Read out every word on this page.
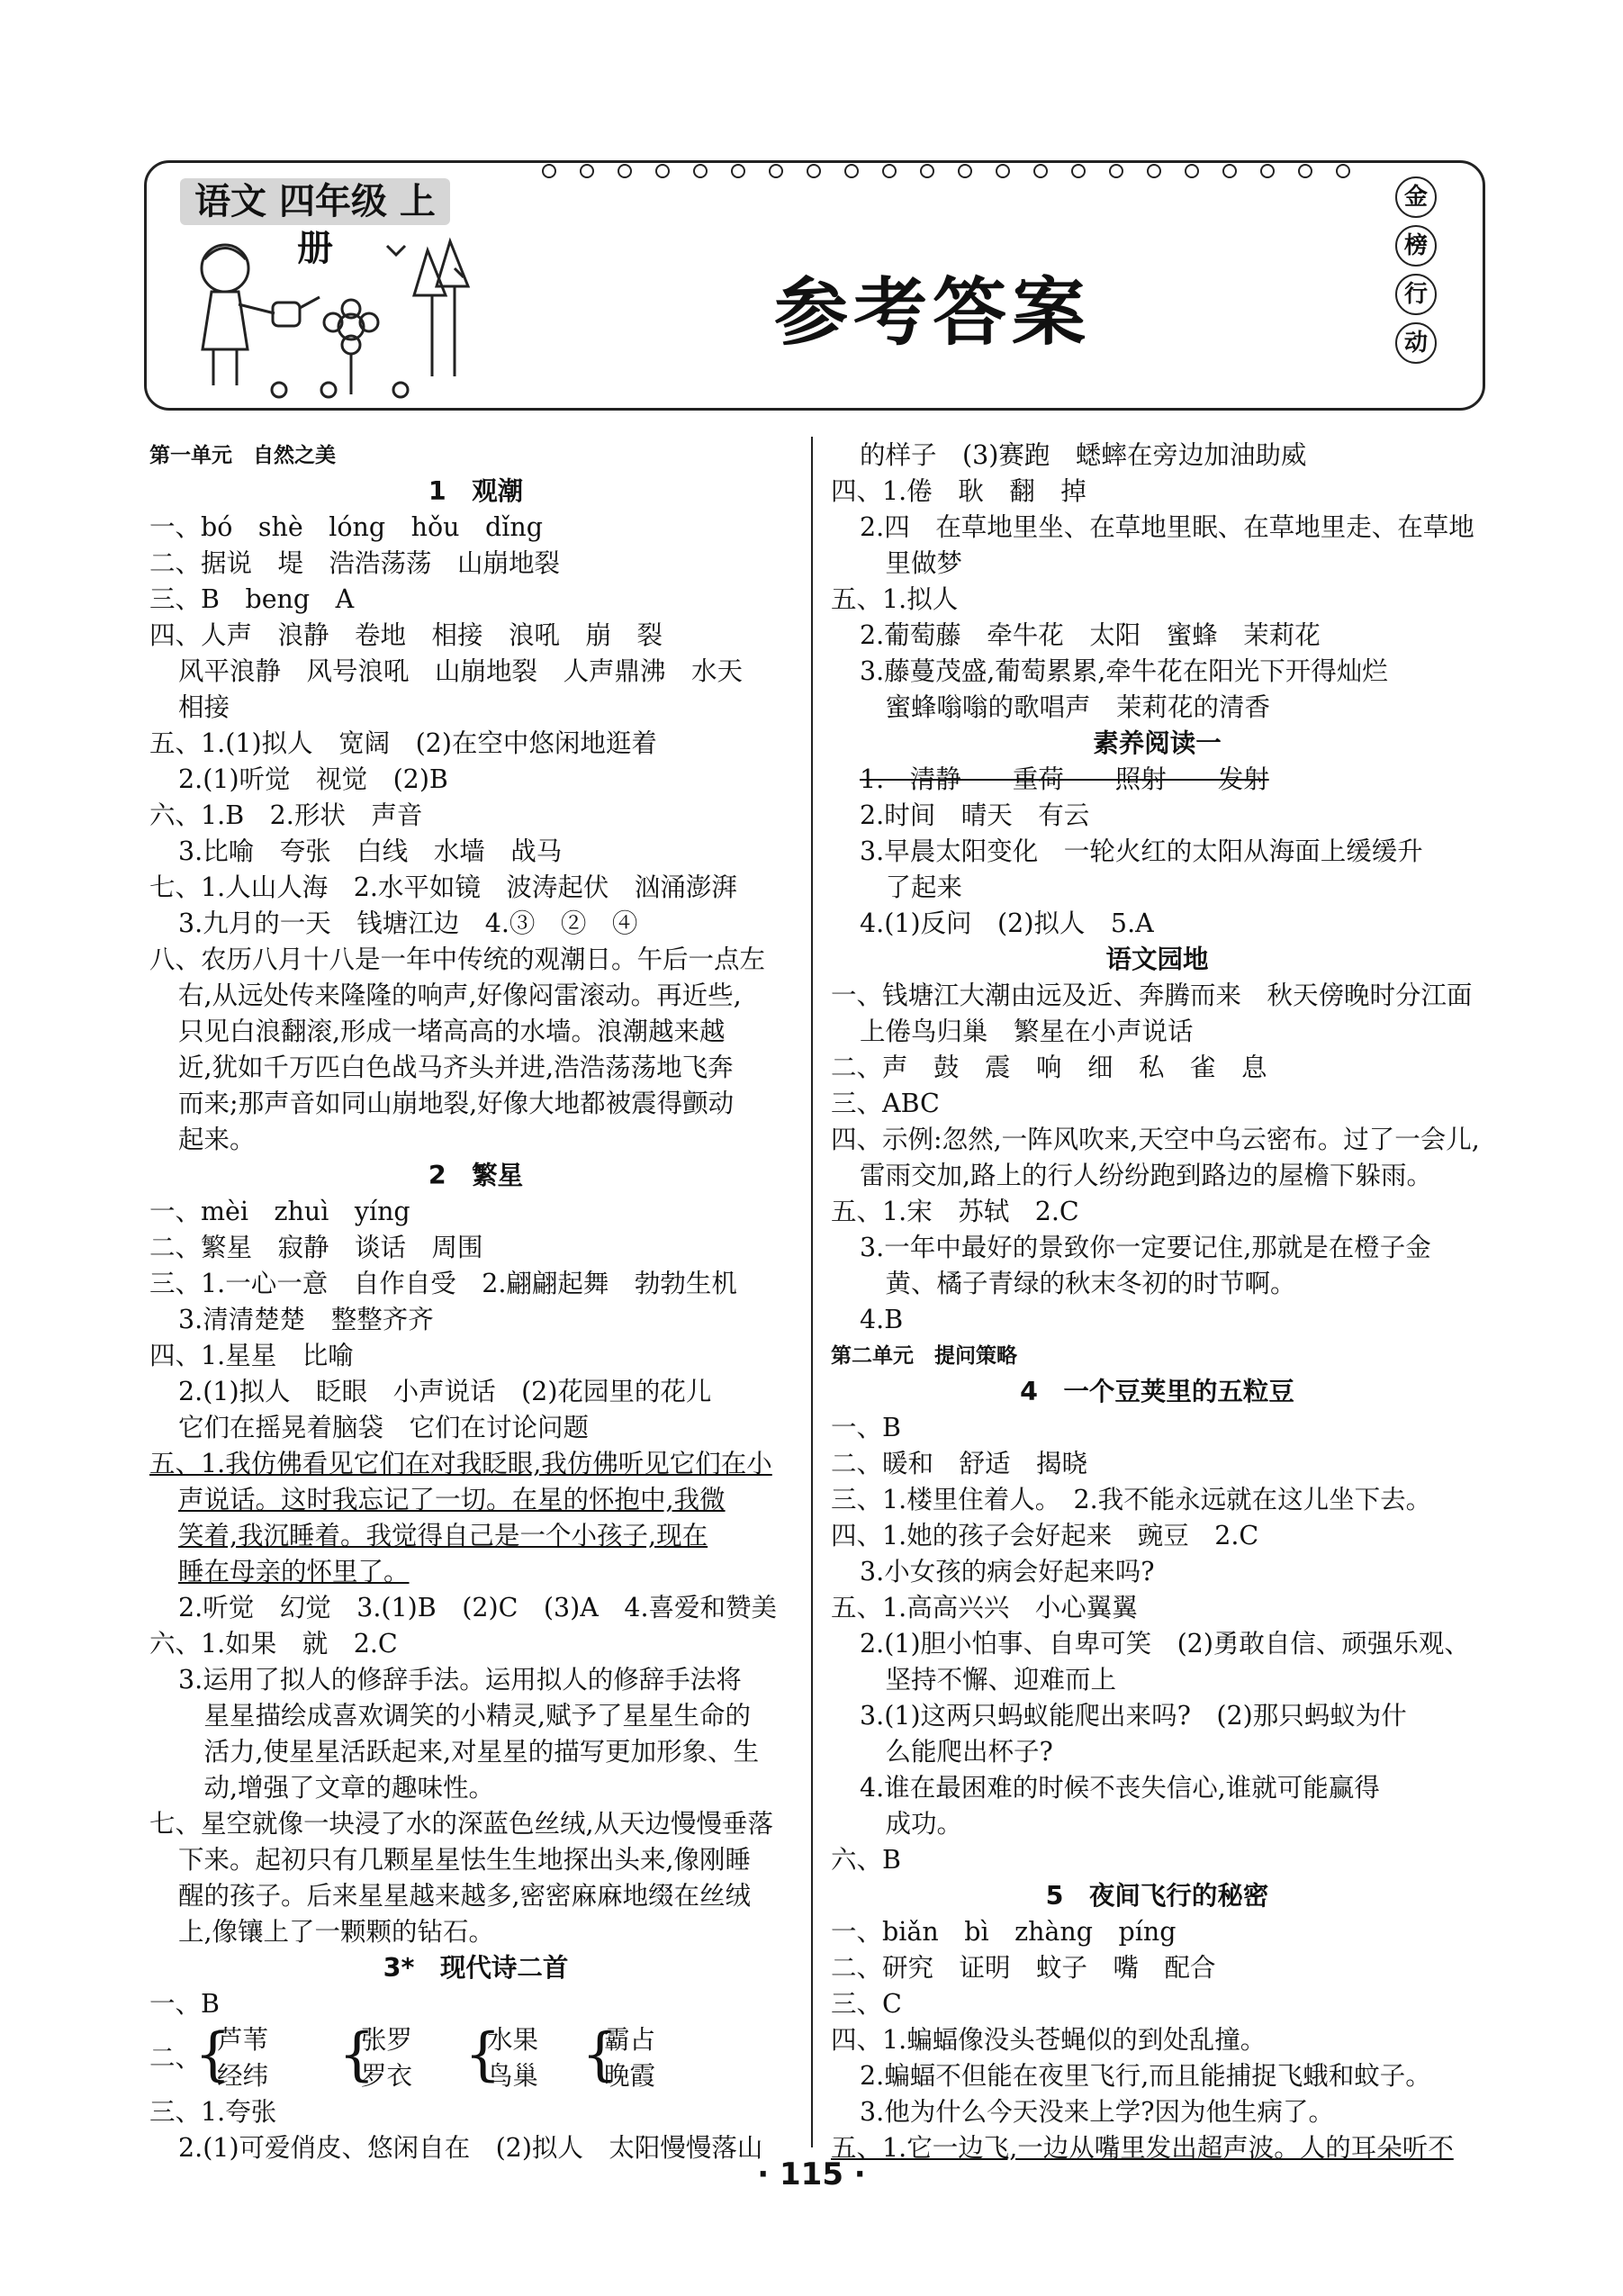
语文 四年级 上册
参考答案
金
榜
行
动
第一单元　自然之美
1　观潮
一、bó　shè　lóng　hǒu　dǐng
二、据说　堤　浩浩荡荡　山崩地裂
三、B　beng　A
四、人声　浪静　卷地　相接　浪吼　崩　裂
风平浪静　风号浪吼　山崩地裂　人声鼎沸　水天
相接
五、1.(1)拟人　宽阔　(2)在空中悠闲地逛着
2.(1)听觉　视觉　(2)B
六、1.B　2.形状　声音
3.比喻　夸张　白线　水墙　战马
七、1.人山人海　2.水平如镜　波涛起伏　汹涌澎湃
3.九月的一天　钱塘江边　4.③　②　④
八、农历八月十八是一年中传统的观潮日。午后一点左
右,从远处传来隆隆的响声,好像闷雷滚动。再近些,
只见白浪翻滚,形成一堵高高的水墙。浪潮越来越
近,犹如千万匹白色战马齐头并进,浩浩荡荡地飞奔
而来;那声音如同山崩地裂,好像大地都被震得颤动
起来。
2　繁星
一、mèi　zhuì　yíng
二、繁星　寂静　谈话　周围
三、1.一心一意　自作自受　2.翩翩起舞　勃勃生机
3.清清楚楚　整整齐齐
四、1.星星　比喻
2.(1)拟人　眨眼　小声说话　(2)花园里的花儿
它们在摇晃着脑袋　它们在讨论问题
五、1.我仿佛看见它们在对我眨眼,我仿佛听见它们在小
声说话。这时我忘记了一切。在星的怀抱中,我微
笑着,我沉睡着。我觉得自己是一个小孩子,现在
睡在母亲的怀里了。
2.听觉　幻觉　3.(1)B　(2)C　(3)A　4.喜爱和赞美
六、1.如果　就　2.C
3.运用了拟人的修辞手法。运用拟人的修辞手法将
　星星描绘成喜欢调笑的小精灵,赋予了星星生命的
　活力,使星星活跃起来,对星星的描写更加形象、生
　动,增强了文章的趣味性。
七、星空就像一块浸了水的深蓝色丝绒,从天边慢慢垂落
下来。起初只有几颗星星怯生生地探出头来,像刚睡
醒的孩子。后来星星越来越多,密密麻麻地缀在丝绒
上,像镶上了一颗颗的钻石。
3*　现代诗二首
一、B
二、
{
芦苇
经纬 {
张罗
罗衣 {
水果
鸟巢 {
霸占
晚霞
三、1.夸张
2.(1)可爱俏皮、悠闲自在　(2)拟人　太阳慢慢落山
的样子　(3)赛跑　蟋蟀在旁边加油助威
四、1.倦　耿　翻　掉
2.四　在草地里坐、在草地里眠、在草地里走、在草地
　里做梦
五、1.拟人
2.葡萄藤　牵牛花　太阳　蜜蜂　茉莉花
3.藤蔓茂盛,葡萄累累,牵牛花在阳光下开得灿烂
　蜜蜂嗡嗡的歌唱声　茉莉花的清香
素养阅读一
1.　清静　　重荷　　照射　　发射
2.时间　晴天　有云
3.早晨太阳变化　一轮火红的太阳从海面上缓缓升
　了起来
4.(1)反问　(2)拟人　5.A
语文园地
一、钱塘江大潮由远及近、奔腾而来　秋天傍晚时分江面
上倦鸟归巢　繁星在小声说话
二、声　鼓　震　响　细　私　雀　息
三、ABC
四、示例:忽然,一阵风吹来,天空中乌云密布。过了一会儿,
雷雨交加,路上的行人纷纷跑到路边的屋檐下躲雨。
五、1.宋　苏轼　2.C
3.一年中最好的景致你一定要记住,那就是在橙子金
　黄、橘子青绿的秋末冬初的时节啊。
4.B
第二单元　提问策略
4　一个豆荚里的五粒豆
一、B
二、暖和　舒适　揭晓
三、1.楼里住着人。　2.我不能永远就在这儿坐下去。
四、1.她的孩子会好起来　豌豆　2.C
3.小女孩的病会好起来吗?
五、1.高高兴兴　小心翼翼
2.(1)胆小怕事、自卑可笑　(2)勇敢自信、顽强乐观、
　坚持不懈、迎难而上
3.(1)这两只蚂蚁能爬出来吗?　(2)那只蚂蚁为什
　么能爬出杯子?
4.谁在最困难的时候不丧失信心,谁就可能赢得
　成功。
六、B
5　夜间飞行的秘密
一、biǎn　bì　zhàng　píng
二、研究　证明　蚊子　嘴　配合
三、C
四、1.蝙蝠像没头苍蝇似的到处乱撞。
2.蝙蝠不但能在夜里飞行,而且能捕捉飞蛾和蚊子。
3.他为什么今天没来上学?因为他生病了。
五、1.它一边飞,一边从嘴里发出超声波。人的耳朵听不
· 115 ·
